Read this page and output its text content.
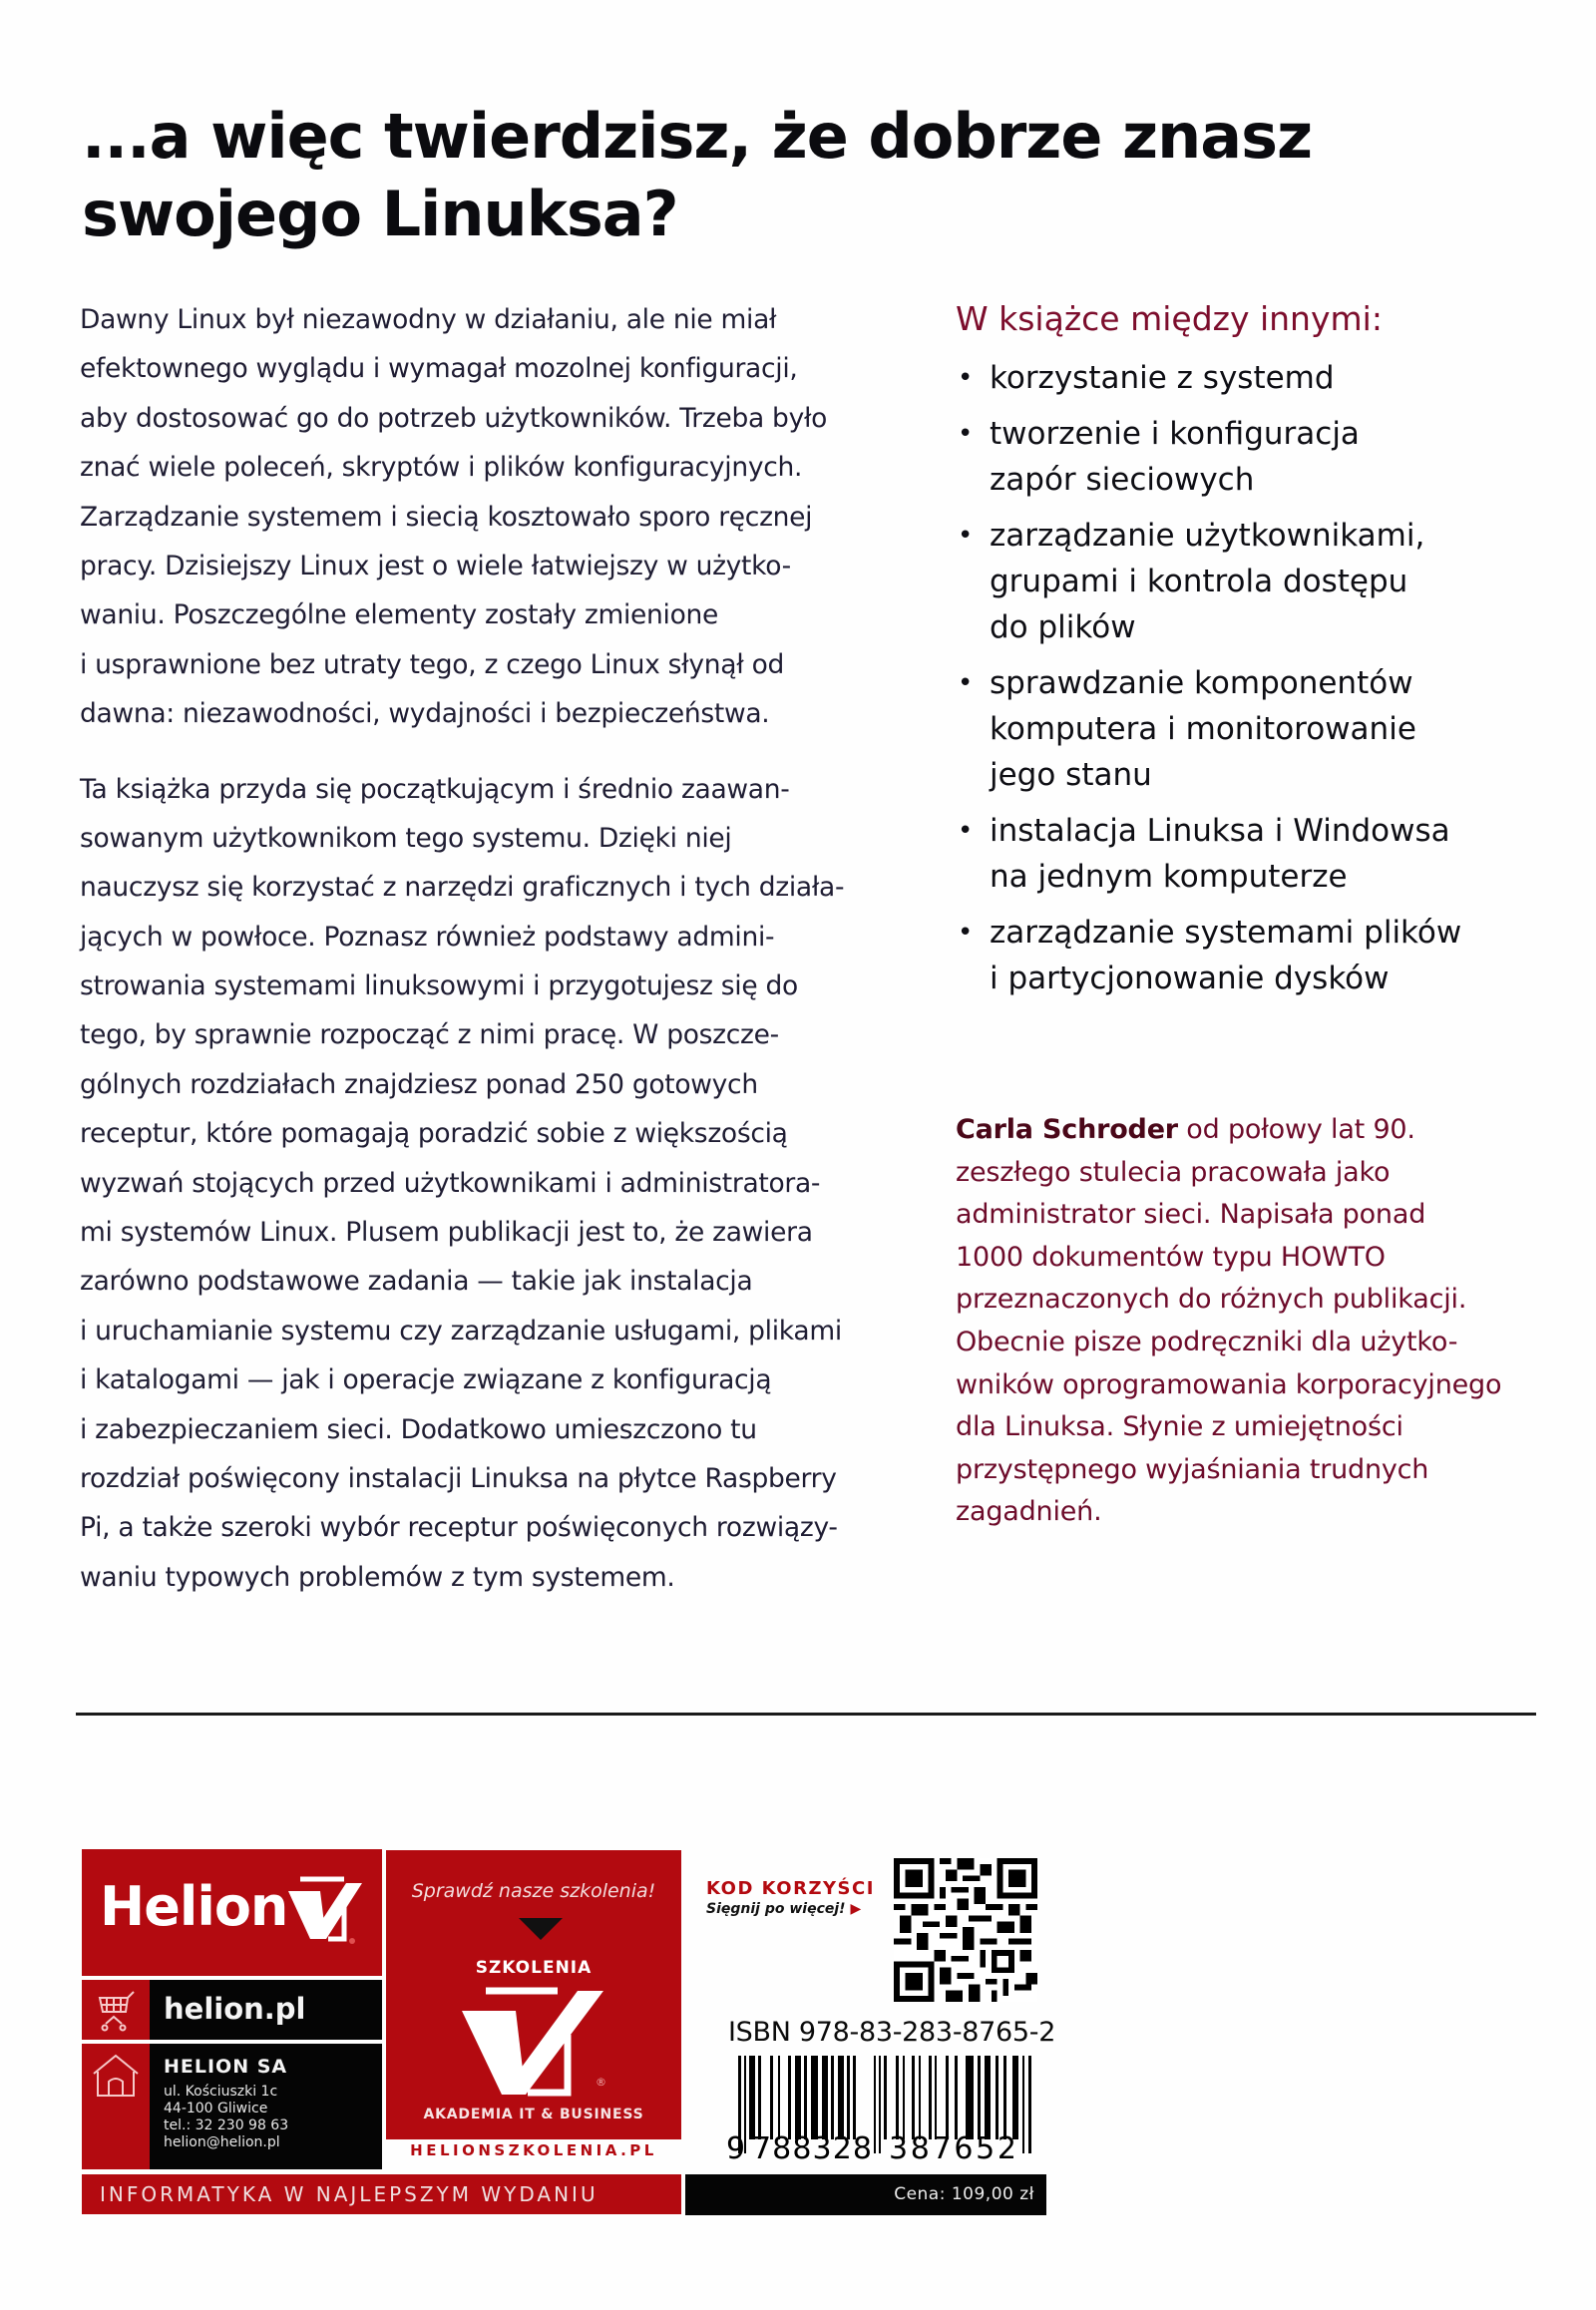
...a więc twierdzisz, że dobrze znasz
swojego Linuksa?
Dawny Linux był niezawodny w działaniu, ale nie miał
efektownego wyglądu i wymagał mozolnej konfiguracji,
aby dostosować go do potrzeb użytkowników. Trzeba było
znać wiele poleceń, skryptów i plików konfiguracyjnych.
Zarządzanie systemem i siecią kosztowało sporo ręcznej
pracy. Dzisiejszy Linux jest o wiele łatwiejszy w użytko-
waniu. Poszczególne elementy zostały zmienione
i usprawnione bez utraty tego, z czego Linux słynął od
dawna: niezawodności, wydajności i bezpieczeństwa.
Ta książka przyda się początkującym i średnio zaawan-
sowanym użytkownikom tego systemu. Dzięki niej
nauczysz się korzystać z narzędzi graficznych i tych działa-
jących w powłoce. Poznasz również podstawy admini-
strowania systemami linuksowymi i przygotujesz się do
tego, by sprawnie rozpocząć z nimi pracę. W poszcze-
gólnych rozdziałach znajdziesz ponad 250 gotowych
receptur, które pomagają poradzić sobie z większością
wyzwań stojących przed użytkownikami i administratora-
mi systemów Linux. Plusem publikacji jest to, że zawiera
zarówno podstawowe zadania — takie jak instalacja
i uruchamianie systemu czy zarządzanie usługami, plikami
i katalogami — jak i operacje związane z konfiguracją
i zabezpieczaniem sieci. Dodatkowo umieszczono tu
rozdział poświęcony instalacji Linuksa na płytce Raspberry
Pi, a także szeroki wybór receptur poświęconych rozwiązy-
waniu typowych problemów z tym systemem.
W książce między innymi:
• korzystanie z systemd
• tworzenie i konfiguracja
zapór sieciowych
• zarządzanie użytkownikami,
grupami i kontrola dostępu
do plików
• sprawdzanie komponentów
komputera i monitorowanie
jego stanu
• instalacja Linuksa i Windowsa
na jednym komputerze
• zarządzanie systemami plików
i partycjonowanie dysków
Carla Schroder od połowy lat 90.
zeszłego stulecia pracowała jako
administrator sieci. Napisała ponad
1000 dokumentów typu HOWTO
przeznaczonych do różnych publikacji.
Obecnie pisze podręczniki dla użytko-
wników oprogramowania korporacyjnego
dla Linuksa. Słynie z umiejętności
przystępnego wyjaśniania trudnych
zagadnień.
Helion
helion.pl
HELION SA
ul. Kościuszki 1c
44-100 Gliwice
tel.: 32 230 98 63
helion@helion.pl
Sprawdź nasze szkolenia!
SZKOLENIA
®
AKADEMIA IT & BUSINESS
HELIONSZKOLENIA.PL
INFORMATYKA W NAJLEPSZYM WYDANIU
KOD KORZYŚCI
Sięgnij po więcej! ▶
ISBN 978-83-283-8765-2
9 788328 387652
Cena: 109,00 zł
